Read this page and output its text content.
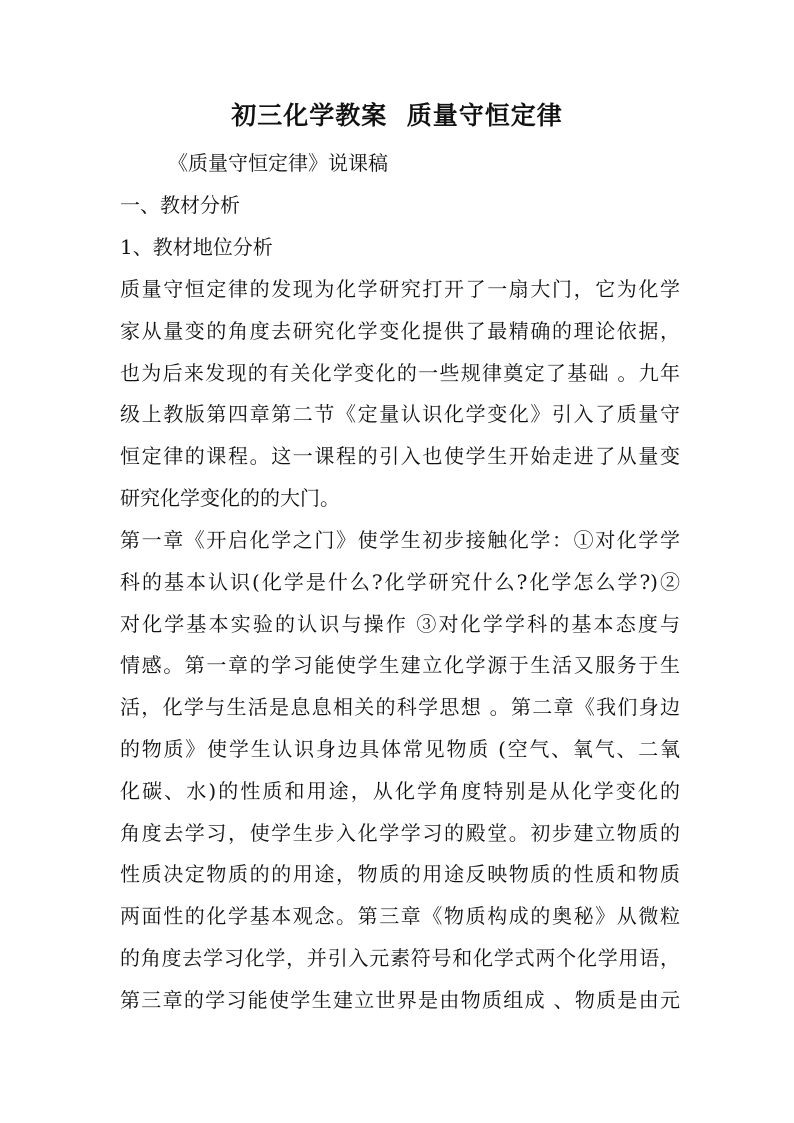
初三化学教案  质量守恒定律

《质量守恒定律》说课稿

一、教材分析

1、教材地位分析

质量守恒定律的发现为化学研究打开了一扇大门，它为化学
家从量变的角度去研究化学变化提供了最精确的理论依据，
也为后来发现的有关化学变化的一些规律奠定了基础 。九年
级上教版第四章第二节《定量认识化学变化》引入了质量守
恒定律的课程。这一课程的引入也使学生开始走进了从量变
研究化学变化的的大门。
第一章《开启化学之门》使学生初步接触化学：①对化学学
科的基本认识(化学是什么?化学研究什么?化学怎么学?)②
对化学基本实验的认识与操作 ③对化学学科的基本态度与
情感。第一章的学习能使学生建立化学源于生活又服务于生
活，化学与生活是息息相关的科学思想 。第二章《我们身边
的物质》使学生认识身边具体常见物质 (空气、氧气、二氧
化碳、水)的性质和用途，从化学角度特别是从化学变化的
角度去学习，使学生步入化学学习的殿堂。初步建立物质的
性质决定物质的的用途，物质的用途反映物质的性质和物质
两面性的化学基本观念。第三章《物质构成的奥秘》从微粒
的角度去学习化学，并引入元素符号和化学式两个化学用语，
第三章的学习能使学生建立世界是由物质组成 、物质是由元
